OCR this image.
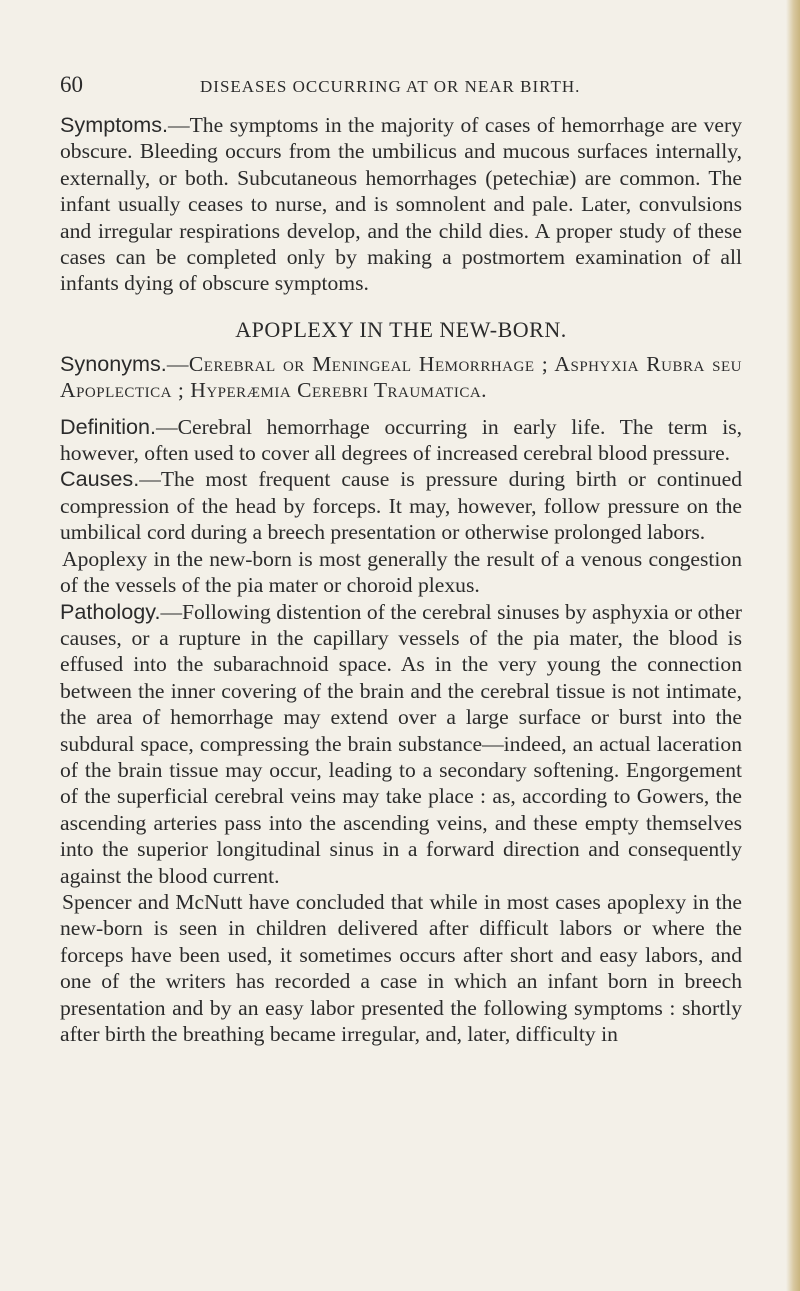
60	DISEASES OCCURRING AT OR NEAR BIRTH.

Symptoms.—The symptoms in the majority of cases of hemorrhage are very obscure. Bleeding occurs from the umbilicus and mucous surfaces internally, externally, or both. Subcutaneous hemorrhages (petechiæ) are common. The infant usually ceases to nurse, and is somnolent and pale. Later, convulsions and irregular respirations develop, and the child dies. A proper study of these cases can be completed only by making a postmortem examination of all infants dying of obscure symptoms.

APOPLEXY IN THE NEW-BORN.

Synonyms.—Cerebral or Meningeal Hemorrhage ; Asphyxia Rubra seu Apoplectica ; Hyperæmia Cerebri Traumatica.

Definition.—Cerebral hemorrhage occurring in early life. The term is, however, often used to cover all degrees of increased cerebral blood pressure.

Causes.—The most frequent cause is pressure during birth or continued compression of the head by forceps. It may, however, follow pressure on the umbilical cord during a breech presentation or otherwise prolonged labors.

Apoplexy in the new-born is most generally the result of a venous congestion of the vessels of the pia mater or choroid plexus.

Pathology.—Following distention of the cerebral sinuses by asphyxia or other causes, or a rupture in the capillary vessels of the pia mater, the blood is effused into the subarachnoid space. As in the very young the connection between the inner covering of the brain and the cerebral tissue is not intimate, the area of hemorrhage may extend over a large surface or burst into the subdural space, compressing the brain substance—indeed, an actual laceration of the brain tissue may occur, leading to a secondary softening. Engorgement of the superficial cerebral veins may take place : as, according to Gowers, the ascending arteries pass into the ascending veins, and these empty themselves into the superior longitudinal sinus in a forward direction and consequently against the blood current.

Spencer and McNutt have concluded that while in most cases apoplexy in the new-born is seen in children delivered after difficult labors or where the forceps have been used, it sometimes occurs after short and easy labors, and one of the writers has recorded a case in which an infant born in breech presentation and by an easy labor presented the following symptoms : shortly after birth the breathing became irregular, and, later, difficulty in
